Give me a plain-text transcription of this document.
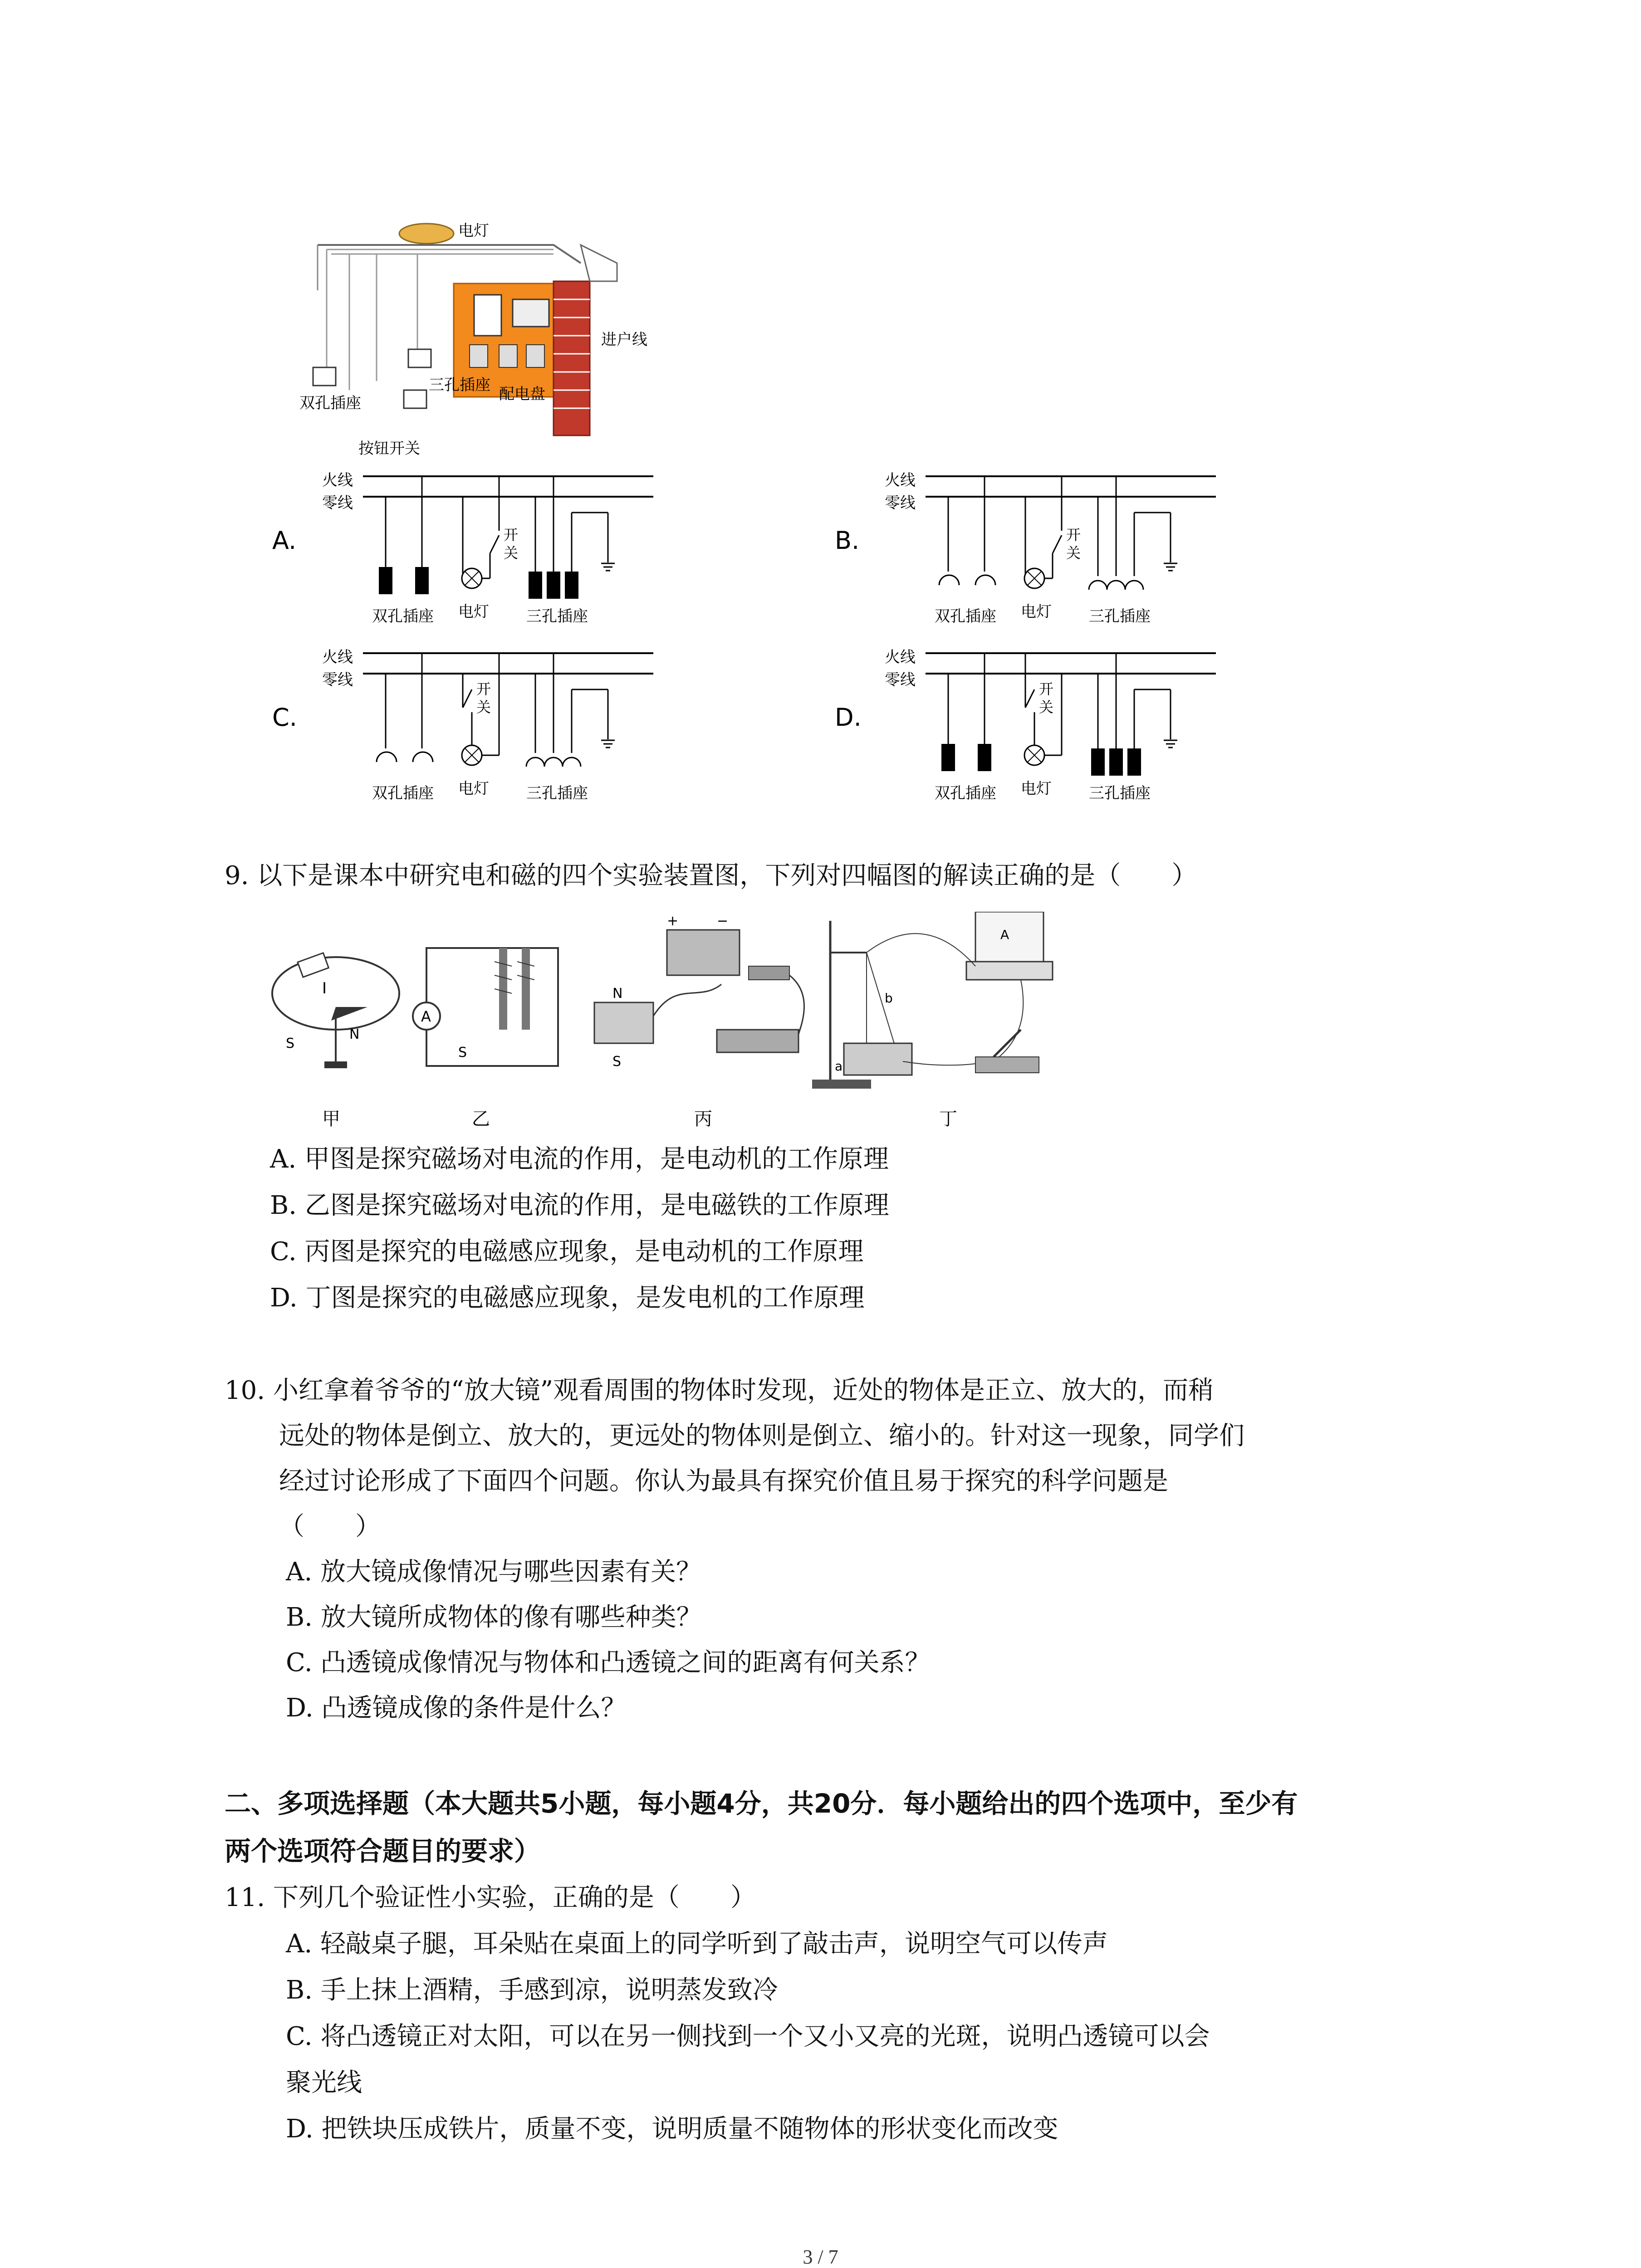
电灯
进户线
双孔插座
三孔插座 配电盘
按钮开关
A.
火线
零线
双孔插座
开
关
电灯 三孔插座
B.
火线
零线
双孔插座
开
关
电灯 三孔插座
C.
火线
零线
双孔插座
开
关
电灯 三孔插座
D.
火线
零线
双孔插座
开
关
电灯 三孔插座
9. 以下是课本中研究电和磁的四个实验装置图，下列对四幅图的解读正确的是（　　）
I
S
N
A
S
N
S
+	−
a
b
A
甲	乙	丙	丁
A. 甲图是探究磁场对电流的作用，是电动机的工作原理
B. 乙图是探究磁场对电流的作用，是电磁铁的工作原理
C. 丙图是探究的电磁感应现象，是电动机的工作原理
D. 丁图是探究的电磁感应现象，是发电机的工作原理
10. 小红拿着爷爷的“放大镜”观看周围的物体时发现，近处的物体是正立、放大的，而稍
远处的物体是倒立、放大的，更远处的物体则是倒立、缩小的。针对这一现象，同学们
经过讨论形成了下面四个问题。你认为最具有探究价值且易于探究的科学问题是
（　　）
A. 放大镜成像情况与哪些因素有关？
B. 放大镜所成物体的像有哪些种类？
C. 凸透镜成像情况与物体和凸透镜之间的距离有何关系？
D. 凸透镜成像的条件是什么？
二、多项选择题（本大题共5小题，每小题4分，共20分．每小题给出的四个选项中，至少有
两个选项符合题目的要求）
11. 下列几个验证性小实验，正确的是（　　）
A. 轻敲桌子腿，耳朵贴在桌面上的同学听到了敲击声，说明空气可以传声
B. 手上抹上酒精，手感到凉，说明蒸发致冷
C. 将凸透镜正对太阳，可以在另一侧找到一个又小又亮的光斑，说明凸透镜可以会
聚光线
D. 把铁块压成铁片，质量不变，说明质量不随物体的形状变化而改变
3 / 7
